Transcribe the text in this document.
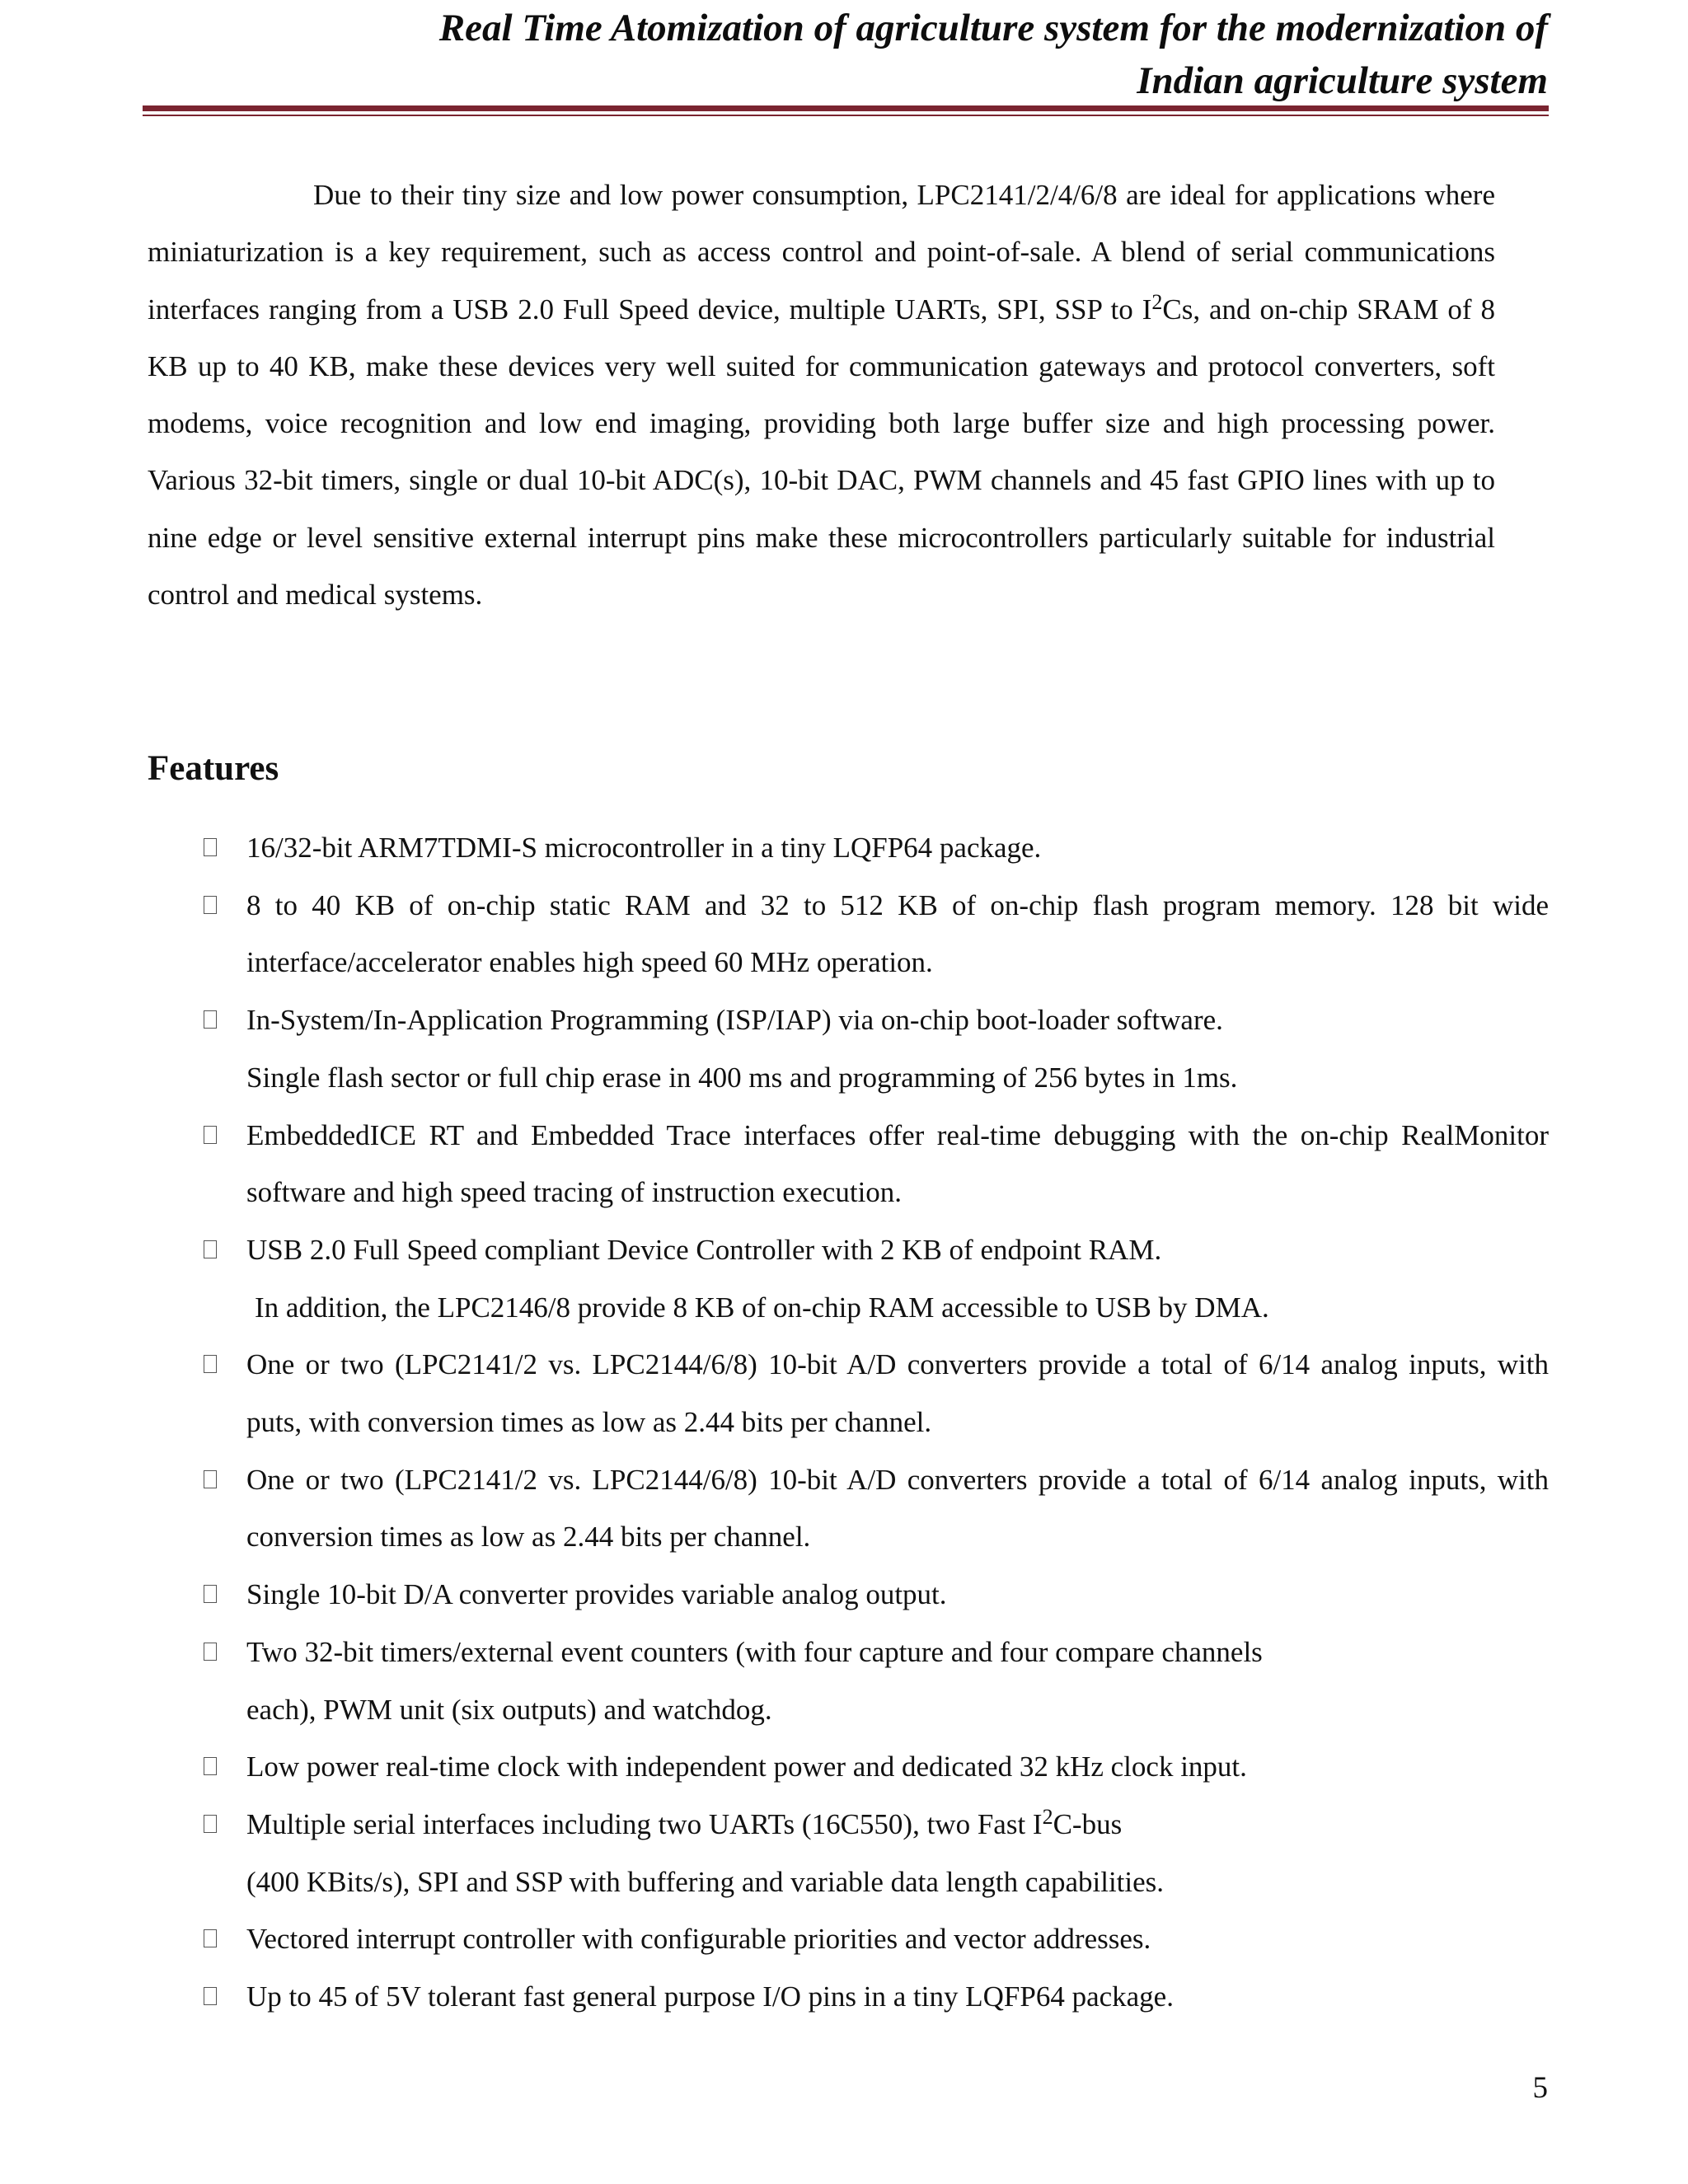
Real Time Atomization of agriculture system for the modernization of
Indian agriculture system

Due to their tiny size and low power consumption, LPC2141/2/4/6/8 are ideal for applications where miniaturization is a key requirement, such as access control and point-of-sale. A blend of serial communications interfaces ranging from a USB 2.0 Full Speed device, multiple UARTs, SPI, SSP to $I^2Cs$, and on-chip SRAM of 8 KB up to 40 KB, make these devices very well suited for communication gateways and protocol converters, soft modems, voice recognition and low end imaging, providing both large buffer size and high processing power. Various 32-bit timers, single or dual 10-bit ADC(s), 10-bit DAC, PWM channels and 45 fast GPIO lines with up to nine edge or level sensitive external interrupt pins make these microcontrollers particularly suitable for industrial control and medical systems.

Features
16/32-bit ARM7TDMI-S microcontroller in a tiny LQFP64 package.
8 to 40 KB of on-chip static RAM and 32 to 512 KB of on-chip flash program memory. 128 bit wide interface/accelerator enables high speed 60 MHz operation.
In-System/In-Application Programming (ISP/IAP) via on-chip boot-loader software.
Single flash sector or full chip erase in 400 ms and programming of 256 bytes in 1ms.
EmbeddedICE RT and Embedded Trace interfaces offer real-time debugging with the on-chip RealMonitor software and high speed tracing of instruction execution.
USB 2.0 Full Speed compliant Device Controller with 2 KB of endpoint RAM.
In addition, the LPC2146/8 provide 8 KB of on-chip RAM accessible to USB by DMA.
One or two (LPC2141/2 vs. LPC2144/6/8) 10-bit A/D converters provide a total of 6/14 analog inputs, with puts, with conversion times as low as 2.44 bits per channel.
One or two (LPC2141/2 vs. LPC2144/6/8) 10-bit A/D converters provide a total of 6/14 analog inputs, with conversion times as low as 2.44 bits per channel.
Single 10-bit D/A converter provides variable analog output.
Two 32-bit timers/external event counters (with four capture and four compare channels
each), PWM unit (six outputs) and watchdog.
Low power real-time clock with independent power and dedicated 32 kHz clock input.
Multiple serial interfaces including two UARTs (16C550), two Fast $I^2C$-bus
(400 KBits/s), SPI and SSP with buffering and variable data length capabilities.
Vectored interrupt controller with configurable priorities and vector addresses.
Up to 45 of 5V tolerant fast general purpose I/O pins in a tiny LQFP64 package.
5
